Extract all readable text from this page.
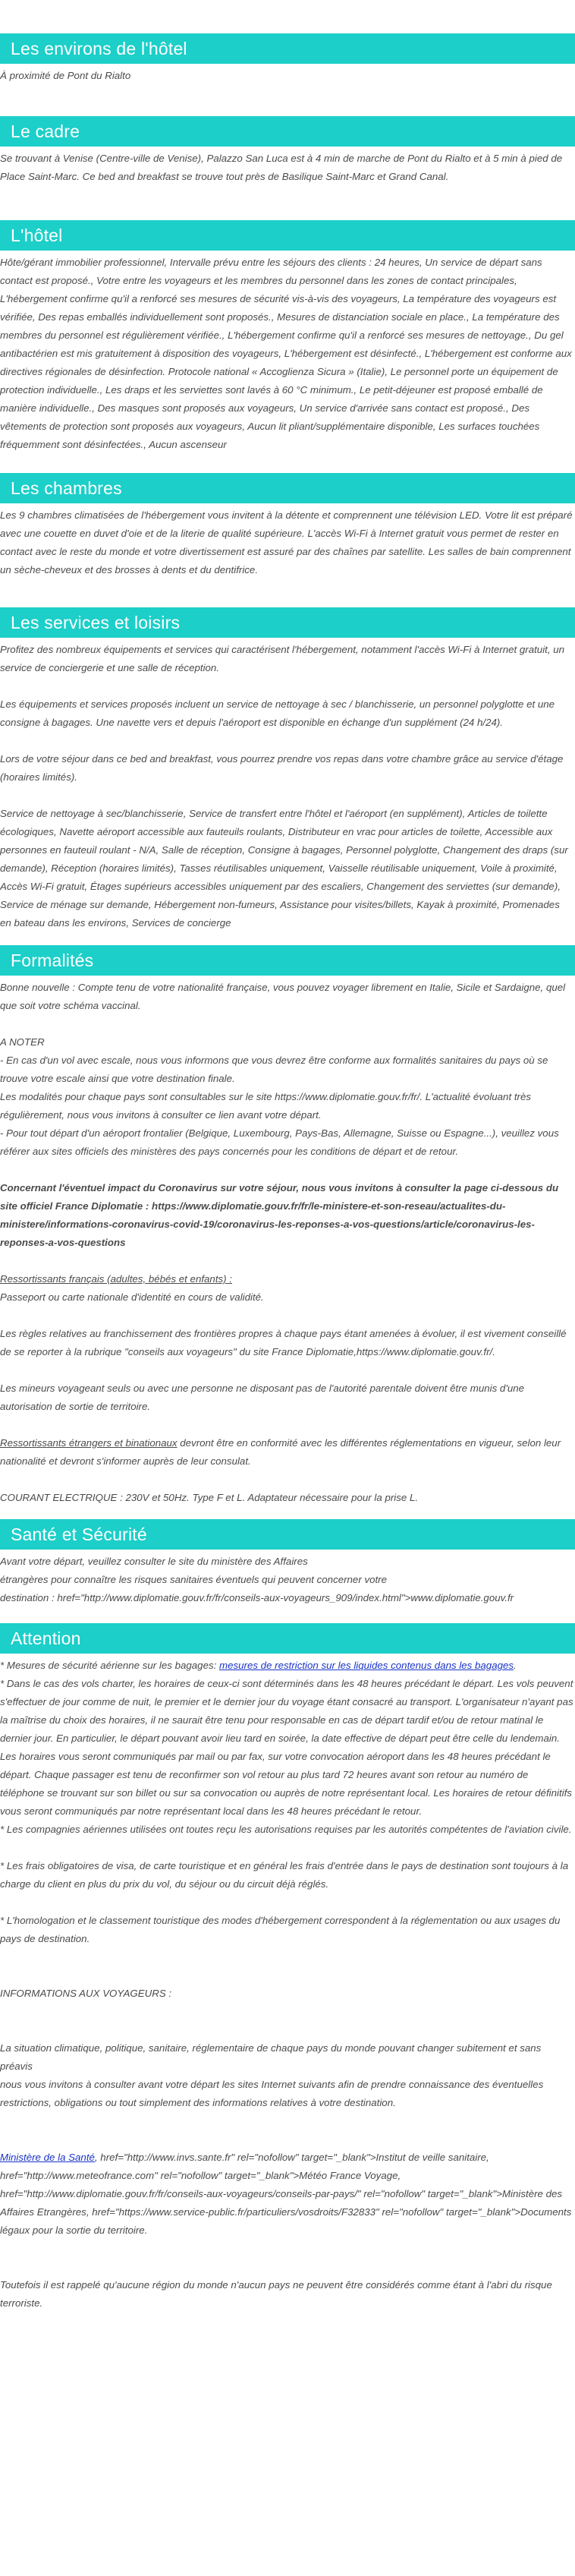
Les environs de l'hôtel

À proximité de Pont du Rialto

Le cadre

Se trouvant à Venise (Centre-ville de Venise), Palazzo San Luca est à 4 min de marche de Pont du Rialto et à 5 min à pied de Place Saint-Marc. Ce bed and breakfast se trouve tout près de Basilique Saint-Marc et Grand Canal.

L'hôtel

Hôte/gérant immobilier professionnel, Intervalle prévu entre les séjours des clients : 24 heures, Un service de départ sans contact est proposé., Votre entre les voyageurs et les membres du personnel dans les zones de contact principales, L'hébergement confirme qu'il a renforcé ses mesures de sécurité vis-à-vis des voyageurs, La température des voyageurs est vérifiée, Des repas emballés individuellement sont proposés., Mesures de distanciation sociale en place., La température des membres du personnel est régulièrement vérifiée., L'hébergement confirme qu'il a renforcé ses mesures de nettoyage., Du gel antibactérien est mis gratuitement à disposition des voyageurs, L'hébergement est désinfecté., L'hébergement est conforme aux directives régionales de désinfection. Protocole national « Accoglienza Sicura » (Italie), Le personnel porte un équipement de protection individuelle., Les draps et les serviettes sont lavés à 60 °C minimum., Le petit-déjeuner est proposé emballé de manière individuelle., Des masques sont proposés aux voyageurs, Un service d'arrivée sans contact est proposé., Des vêtements de protection sont proposés aux voyageurs, Aucun lit pliant/supplémentaire disponible, Les surfaces touchées fréquemment sont désinfectées., Aucun ascenseur

Les chambres

Les 9 chambres climatisées de l'hébergement vous invitent à la détente et comprennent une télévision LED. Votre lit est préparé avec une couette en duvet d'oie et de la literie de qualité supérieure. L'accès Wi-Fi à Internet gratuit vous permet de rester en contact avec le reste du monde et votre divertissement est assuré par des chaînes par satellite. Les salles de bain comprennent un sèche-cheveux et des brosses à dents et du dentifrice.

Les services et loisirs

Profitez des nombreux équipements et services qui caractérisent l'hébergement, notamment l'accès Wi-Fi à Internet gratuit, un service de conciergerie et une salle de réception.

Les équipements et services proposés incluent un service de nettoyage à sec / blanchisserie, un personnel polyglotte et une consigne à bagages. Une navette vers et depuis l'aéroport est disponible en échange d'un supplément (24 h/24).

Lors de votre séjour dans ce bed and breakfast, vous pourrez prendre vos repas dans votre chambre grâce au service d'étage (horaires limités).

Service de nettoyage à sec/blanchisserie, Service de transfert entre l'hôtel et l'aéroport (en supplément), Articles de toilette écologiques, Navette aéroport accessible aux fauteuils roulants, Distributeur en vrac pour articles de toilette, Accessible aux personnes en fauteuil roulant - N/A, Salle de réception, Consigne à bagages, Personnel polyglotte, Changement des draps (sur demande), Réception (horaires limités), Tasses réutilisables uniquement, Vaisselle réutilisable uniquement, Voile à proximité, Accès Wi-Fi gratuit, Étages supérieurs accessibles uniquement par des escaliers, Changement des serviettes (sur demande), Service de ménage sur demande, Hébergement non-fumeurs, Assistance pour visites/billets, Kayak à proximité, Promenades en bateau dans les environs, Services de concierge

Formalités

Bonne nouvelle : Compte tenu de votre nationalité française, vous pouvez voyager librement en Italie, Sicile et Sardaigne, quel que soit votre schéma vaccinal.

A NOTER

- En cas d'un vol avec escale, nous vous informons que vous devrez être conforme aux formalités sanitaires du pays où se trouve votre escale ainsi que votre destination finale.

Les modalités pour chaque pays sont consultables sur le site https://www.diplomatie.gouv.fr/fr/. L'actualité évoluant très régulièrement, nous vous invitons à consulter ce lien avant votre départ.

- Pour tout départ d'un aéroport frontalier (Belgique, Luxembourg, Pays-Bas, Allemagne, Suisse ou Espagne...), veuillez vous référer aux sites officiels des ministères des pays concernés pour les conditions de départ et de retour.

Concernant l'éventuel impact du Coronavirus sur votre séjour, nous vous invitons à consulter la page ci-dessous du site officiel France Diplomatie : https://www.diplomatie.gouv.fr/fr/le-ministere-et-son-reseau/actualites-du-ministere/informations-coronavirus-covid-19/coronavirus-les-reponses-a-vos-questions/article/coronavirus-les-reponses-a-vos-questions

Ressortissants français (adultes, bébés et enfants) :

Passeport ou carte nationale d'identité en cours de validité.

Les règles relatives au franchissement des frontières propres à chaque pays étant amenées à évoluer, il est vivement conseillé de se reporter à la rubrique "conseils aux voyageurs" du site France Diplomatie,https://www.diplomatie.gouv.fr/.

Les mineurs voyageant seuls ou avec une personne ne disposant pas de l'autorité parentale doivent être munis d'une autorisation de sortie de territoire.

Ressortissants étrangers et binationaux devront être en conformité avec les différentes réglementations en vigueur, selon leur nationalité et devront s'informer auprès de leur consulat.

COURANT ELECTRIQUE : 230V et 50Hz. Type F et L. Adaptateur nécessaire pour la prise L.

Santé et Sécurité

Avant votre départ, veuillez consulter le site du ministère des Affaires

étrangères pour connaître les risques sanitaires éventuels qui peuvent concerner votre

destination : href="http://www.diplomatie.gouv.fr/fr/conseils-aux-voyageurs_909/index.html">www.diplomatie.gouv.fr

Attention

* Mesures de sécurité aérienne sur les bagages: mesures de restriction sur les liquides contenus dans les bagages.

* Dans le cas des vols charter, les horaires de ceux-ci sont déterminés dans les 48 heures précédant le départ. Les vols peuvent s'effectuer de jour comme de nuit, le premier et le dernier jour du voyage étant consacré au transport. L'organisateur n'ayant pas la maîtrise du choix des horaires, il ne saurait être tenu pour responsable en cas de départ tardif et/ou de retour matinal le dernier jour. En particulier, le départ pouvant avoir lieu tard en soirée, la date effective de départ peut être celle du lendemain. Les horaires vous seront communiqués par mail ou par fax, sur votre convocation aéroport dans les 48 heures précédant le départ. Chaque passager est tenu de reconfirmer son vol retour au plus tard 72 heures avant son retour au numéro de téléphone se trouvant sur son billet ou sur sa convocation ou auprès de notre représentant local. Les horaires de retour définitifs vous seront communiqués par notre représentant local dans les 48 heures précédant le retour.

* Les compagnies aériennes utilisées ont toutes reçu les autorisations requises par les autorités compétentes de l'aviation civile.

* Les frais obligatoires de visa, de carte touristique et en général les frais d'entrée dans le pays de destination sont toujours à la charge du client en plus du prix du vol, du séjour ou du circuit déjà réglés.

* L'homologation et le classement touristique des modes d'hébergement correspondent à la réglementation ou aux usages du pays de destination.

INFORMATIONS AUX VOYAGEURS :

La situation climatique, politique, sanitaire, réglementaire de chaque pays du monde pouvant changer subitement et sans préavis

nous vous invitons à consulter avant votre départ les sites Internet suivants afin de prendre connaissance des éventuelles restrictions, obligations ou tout simplement des informations relatives à votre destination.

Ministère de la Santé, href="http://www.invs.sante.fr" rel="nofollow" target="_blank">Institut de veille sanitaire, href="http://www.meteofrance.com" rel="nofollow" target="_blank">Météo France Voyage, href="http://www.diplomatie.gouv.fr/fr/conseils-aux-voyageurs/conseils-par-pays/" rel="nofollow" target="_blank">Ministère des Affaires Etrangères, href="https://www.service-public.fr/particuliers/vosdroits/F32833" rel="nofollow" target="_blank">Documents légaux pour la sortie du territoire.

Toutefois il est rappelé qu'aucune région du monde n'aucun pays ne peuvent être considérés comme étant à l'abri du risque terroriste.
